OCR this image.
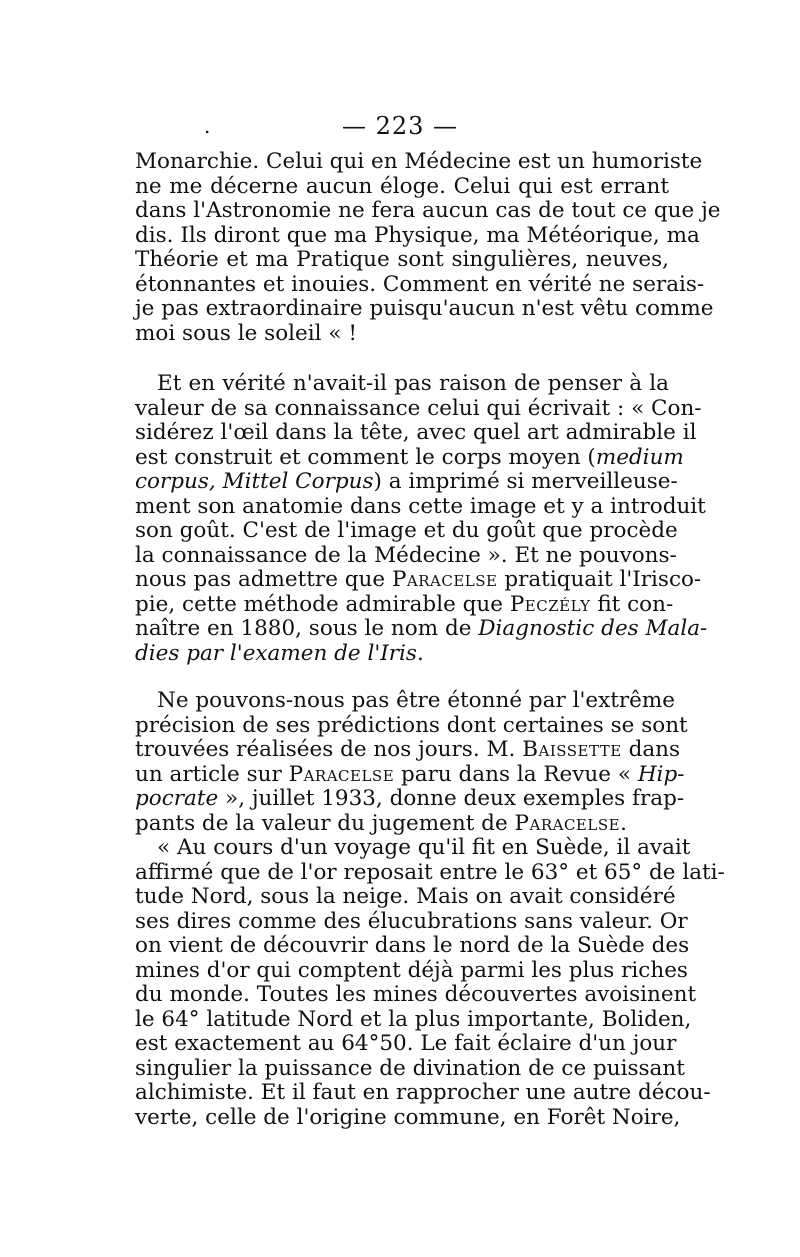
.	— 223 —
Monarchie. Celui qui en Médecine est un humoriste
ne me décerne aucun éloge. Celui qui est errant
dans l'Astronomie ne fera aucun cas de tout ce que je
dis. Ils diront que ma Physique, ma Météorique, ma
Théorie et ma Pratique sont singulières, neuves,
étonnantes et inouies. Comment en vérité ne serais-
je pas extraordinaire puisqu'aucun n'est vêtu comme
moi sous le soleil « !
Et en vérité n'avait-il pas raison de penser à la
valeur de sa connaissance celui qui écrivait : « Con-
sidérez l'œil dans la tête, avec quel art admirable il
est construit et comment le corps moyen (medium
corpus, Mittel Corpus) a imprimé si merveilleuse-
ment son anatomie dans cette image et y a introduit
son goût. C'est de l'image et du goût que procède
la connaissance de la Médecine ». Et ne pouvons-
nous pas admettre que Paracelse pratiquait l'Irisco-
pie, cette méthode admirable que Peczély fit con-
naître en 1880, sous le nom de Diagnostic des Mala-
dies par l'examen de l'Iris.
Ne pouvons-nous pas être étonné par l'extrême
précision de ses prédictions dont certaines se sont
trouvées réalisées de nos jours. M. Baissette dans
un article sur Paracelse paru dans la Revue « Hip-
pocrate », juillet 1933, donne deux exemples frap-
pants de la valeur du jugement de Paracelse.
« Au cours d'un voyage qu'il fit en Suède, il avait
affirmé que de l'or reposait entre le 63° et 65° de lati-
tude Nord, sous la neige. Mais on avait considéré
ses dires comme des élucubrations sans valeur. Or
on vient de découvrir dans le nord de la Suède des
mines d'or qui comptent déjà parmi les plus riches
du monde. Toutes les mines découvertes avoisinent
le 64° latitude Nord et la plus importante, Boliden,
est exactement au 64°50. Le fait éclaire d'un jour
singulier la puissance de divination de ce puissant
alchimiste. Et il faut en rapprocher une autre décou-
verte, celle de l'origine commune, en Forêt Noire,
